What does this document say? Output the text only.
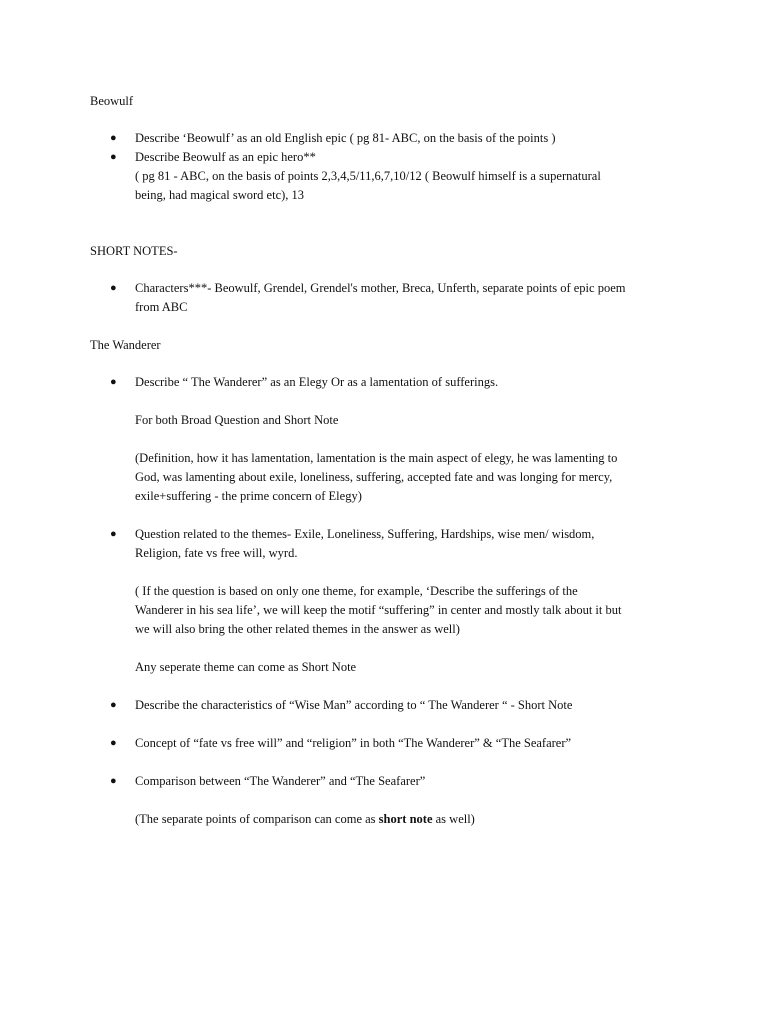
Beowulf
● Describe ‘Beowulf’ as an old English epic ( pg 81- ABC, on the basis of the points )

● Describe Beowulf as an epic hero**
( pg 81 - ABC, on the basis of points 2,3,4,5/11,6,7,10/12 ( Beowulf himself is a supernatural
being, had magical sword etc), 13

SHORT NOTES-
● Characters***- Beowulf, Grendel, Grendel's mother, Breca, Unferth, separate points of epic poem
from ABC

The Wanderer
● Describe “ The Wanderer” as an Elegy Or as a lamentation of sufferings.

For both Broad Question and Short Note

(Definition, how it has lamentation, lamentation is the main aspect of elegy, he was lamenting to
God, was lamenting about exile, loneliness, suffering, accepted fate and was longing for mercy,
exile+suffering - the prime concern of Elegy)

● Question related to the themes- Exile, Loneliness, Suffering, Hardships, wise men/ wisdom,
Religion, fate vs free will, wyrd.

( If the question is based on only one theme, for example, ‘Describe the sufferings of the
Wanderer in his sea life’, we will keep the motif “suffering” in center and mostly talk about it but
we will also bring the other related themes in the answer as well)

Any seperate theme can come as Short Note

● Describe the characteristics of “Wise Man” according to “ The Wanderer “ - Short Note

● Concept of “fate vs free will” and “religion” in both “The Wanderer” & “The Seafarer”

● Comparison between “The Wanderer” and “The Seafarer”

(The separate points of comparison can come as short note as well)
